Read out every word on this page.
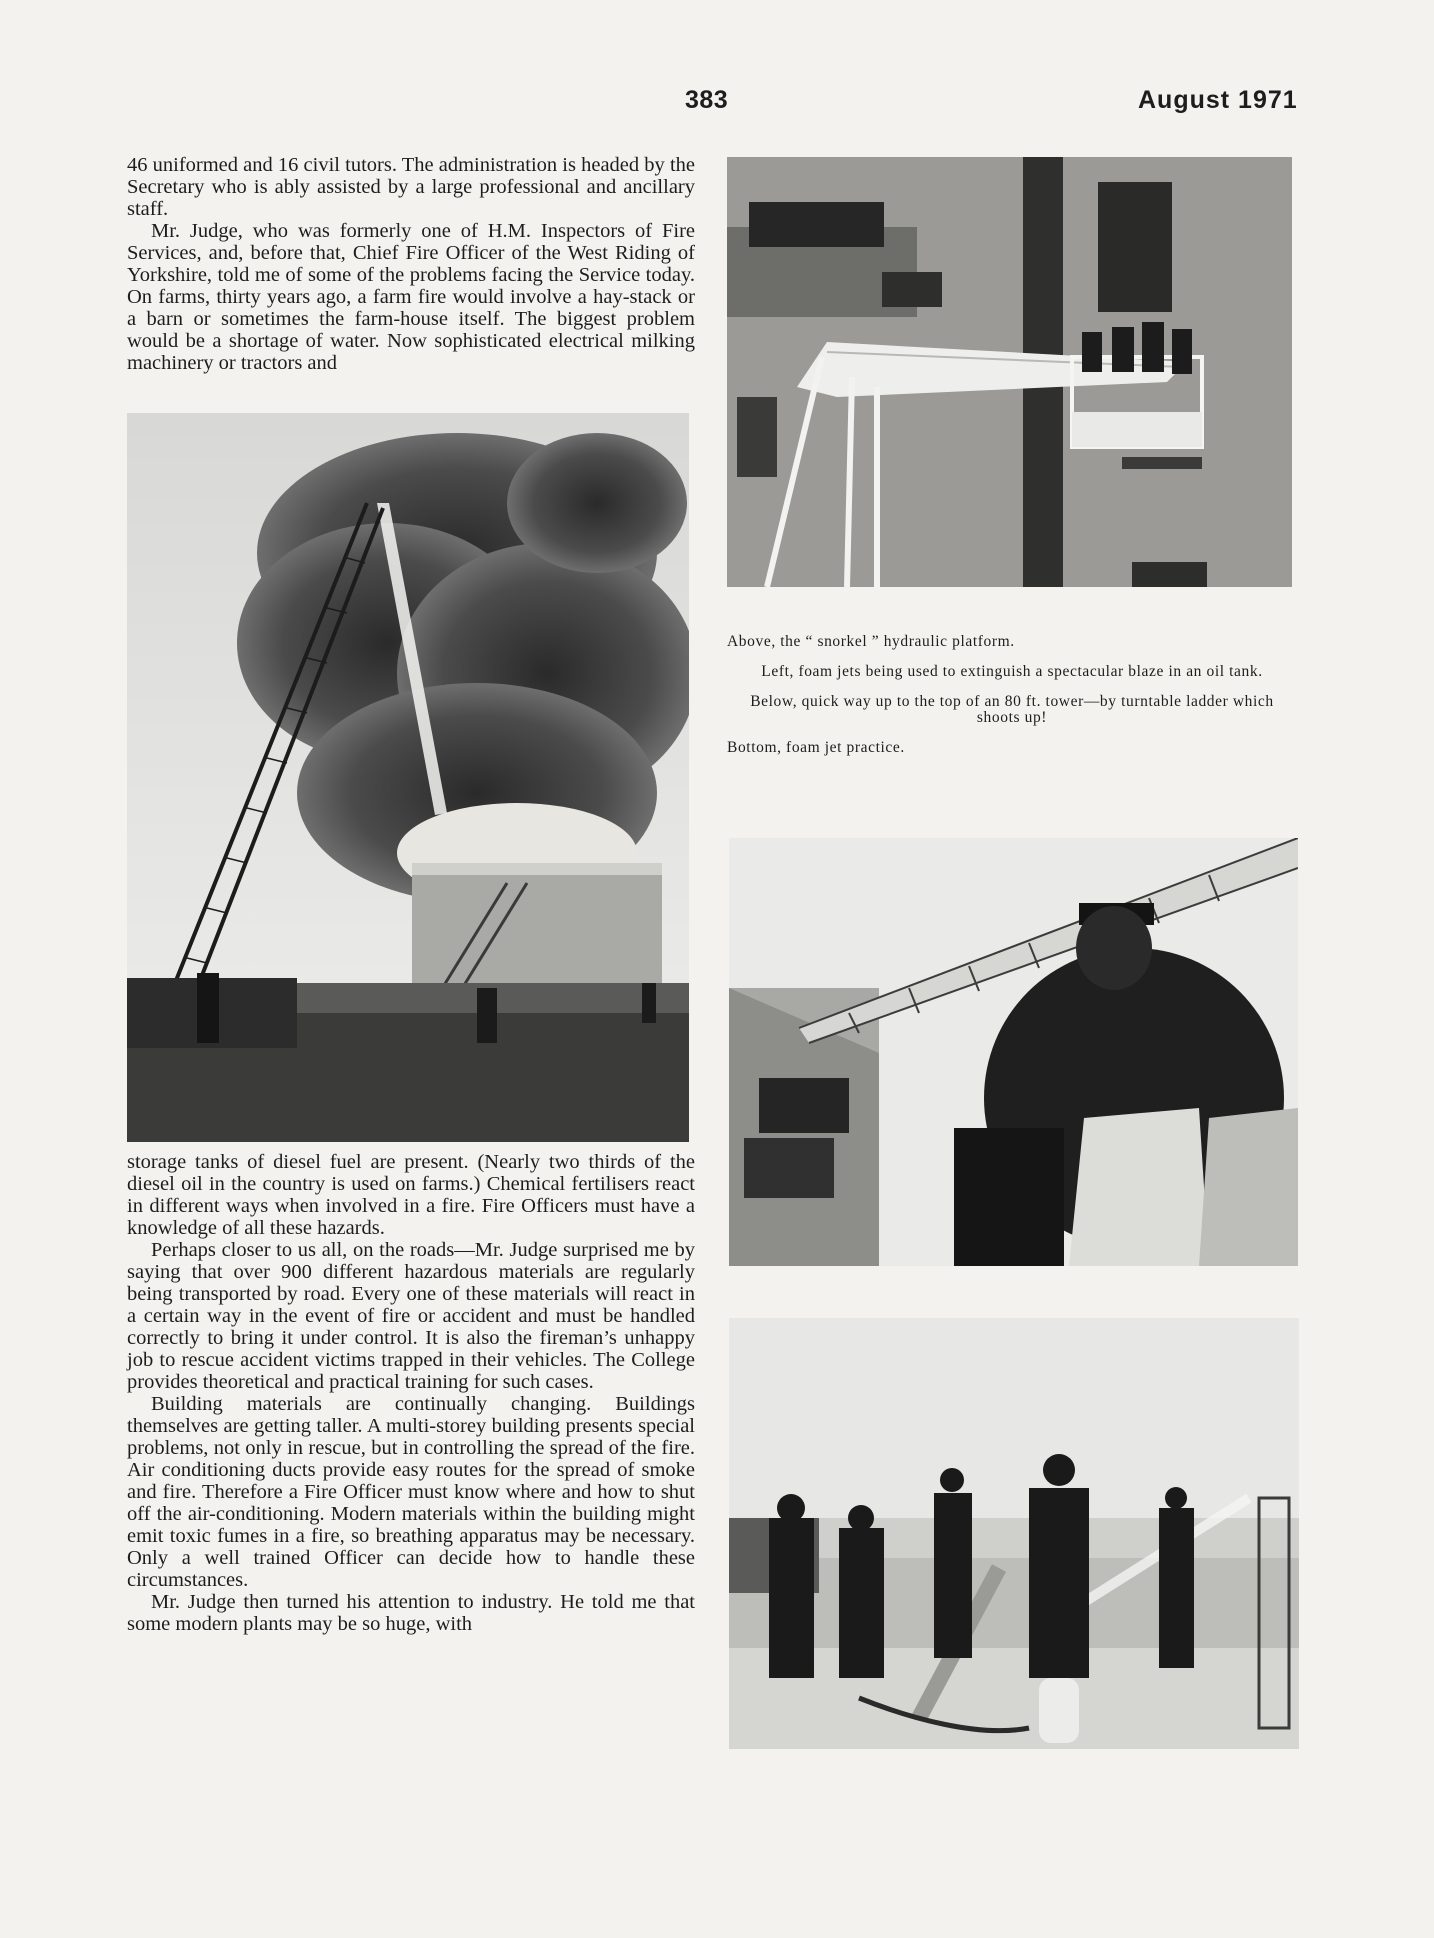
383	August 1971

46 uniformed and 16 civil tutors. The administration is headed by the Secretary who is ably assisted by a large professional and ancillary staff.

Mr. Judge, who was formerly one of H.M. Inspectors of Fire Services, and, before that, Chief Fire Officer of the West Riding of Yorkshire, told me of some of the problems facing the Service today. On farms, thirty years ago, a farm fire would involve a hay-stack or a barn or sometimes the farm-house itself. The biggest problem would be a shortage of water. Now sophisticated electrical milking machinery or tractors and

storage tanks of diesel fuel are present. (Nearly two thirds of the diesel oil in the country is used on farms.) Chemical fertilisers react in different ways when involved in a fire. Fire Officers must have a knowledge of all these hazards.

Perhaps closer to us all, on the roads—Mr. Judge surprised me by saying that over 900 different hazardous materials are regularly being transported by road. Every one of these materials will react in a certain way in the event of fire or accident and must be handled correctly to bring it under control. It is also the fireman’s unhappy job to rescue accident victims trapped in their vehicles. The College provides theoretical and practical training for such cases.

Building materials are continually changing. Buildings themselves are getting taller. A multi-storey building presents special problems, not only in rescue, but in controlling the spread of the fire. Air conditioning ducts provide easy routes for the spread of smoke and fire. Therefore a Fire Officer must know where and how to shut off the air-conditioning. Modern materials within the building might emit toxic fumes in a fire, so breathing apparatus may be necessary. Only a well trained Officer can decide how to handle these circumstances.

Mr. Judge then turned his attention to industry. He told me that some modern plants may be so huge, with

Above, the “ snorkel ” hydraulic platform.

Left, foam jets being used to extinguish a spectacular blaze in an oil tank.

Below, quick way up to the top of an 80 ft. tower—by turntable ladder which shoots up!

Bottom, foam jet practice.
